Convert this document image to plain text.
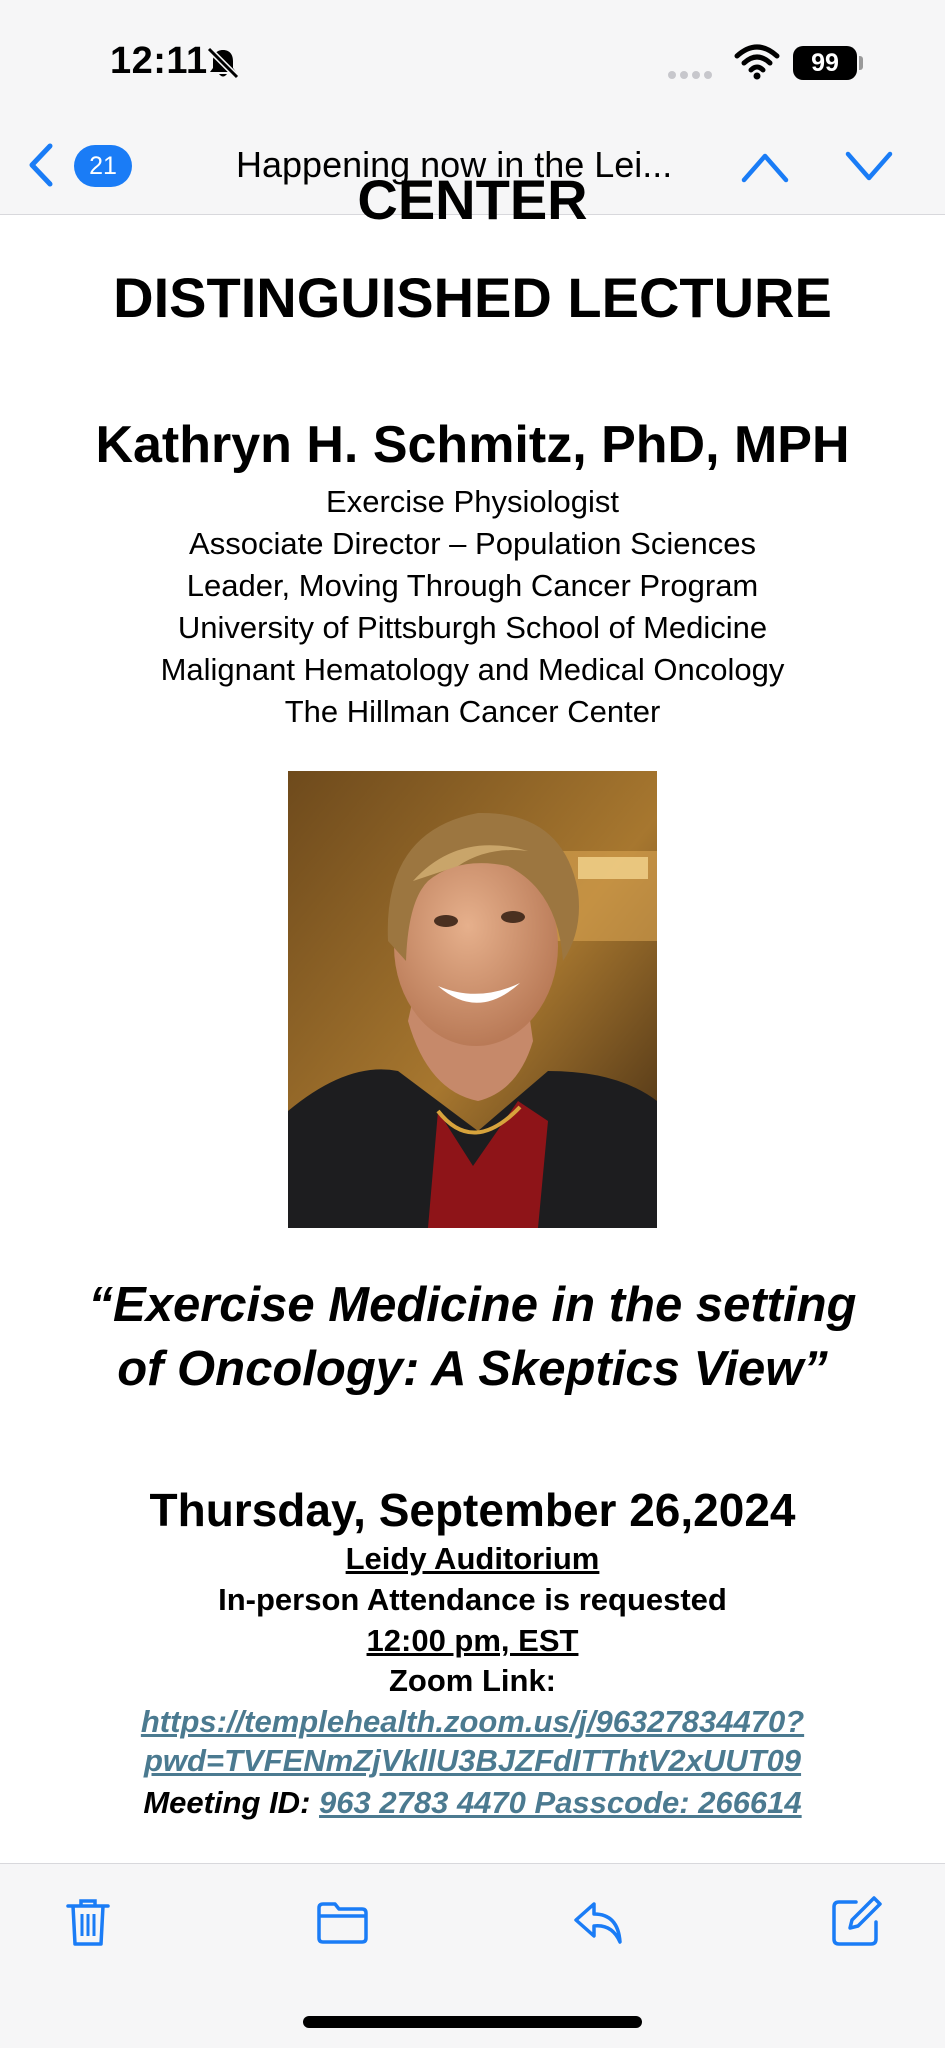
12:11	99
21	Happening now in the Lei...
CENTER
DISTINGUISHED LECTURE
Kathryn H. Schmitz, PhD, MPH
Exercise Physiologist
Associate Director – Population Sciences
Leader, Moving Through Cancer Program
University of Pittsburgh School of Medicine
Malignant Hematology and Medical Oncology
The Hillman Cancer Center
“Exercise Medicine in the setting
of Oncology: A Skeptics View”
Thursday, September 26,2024
Leidy Auditorium
In-person Attendance is requested
12:00 pm, EST
Zoom Link:
https://templehealth.zoom.us/j/96327834470?
pwd=TVFENmZjVkllU3BJZFdITThtV2xUUT09
Meeting ID: 963 2783 4470 Passcode: 266614
